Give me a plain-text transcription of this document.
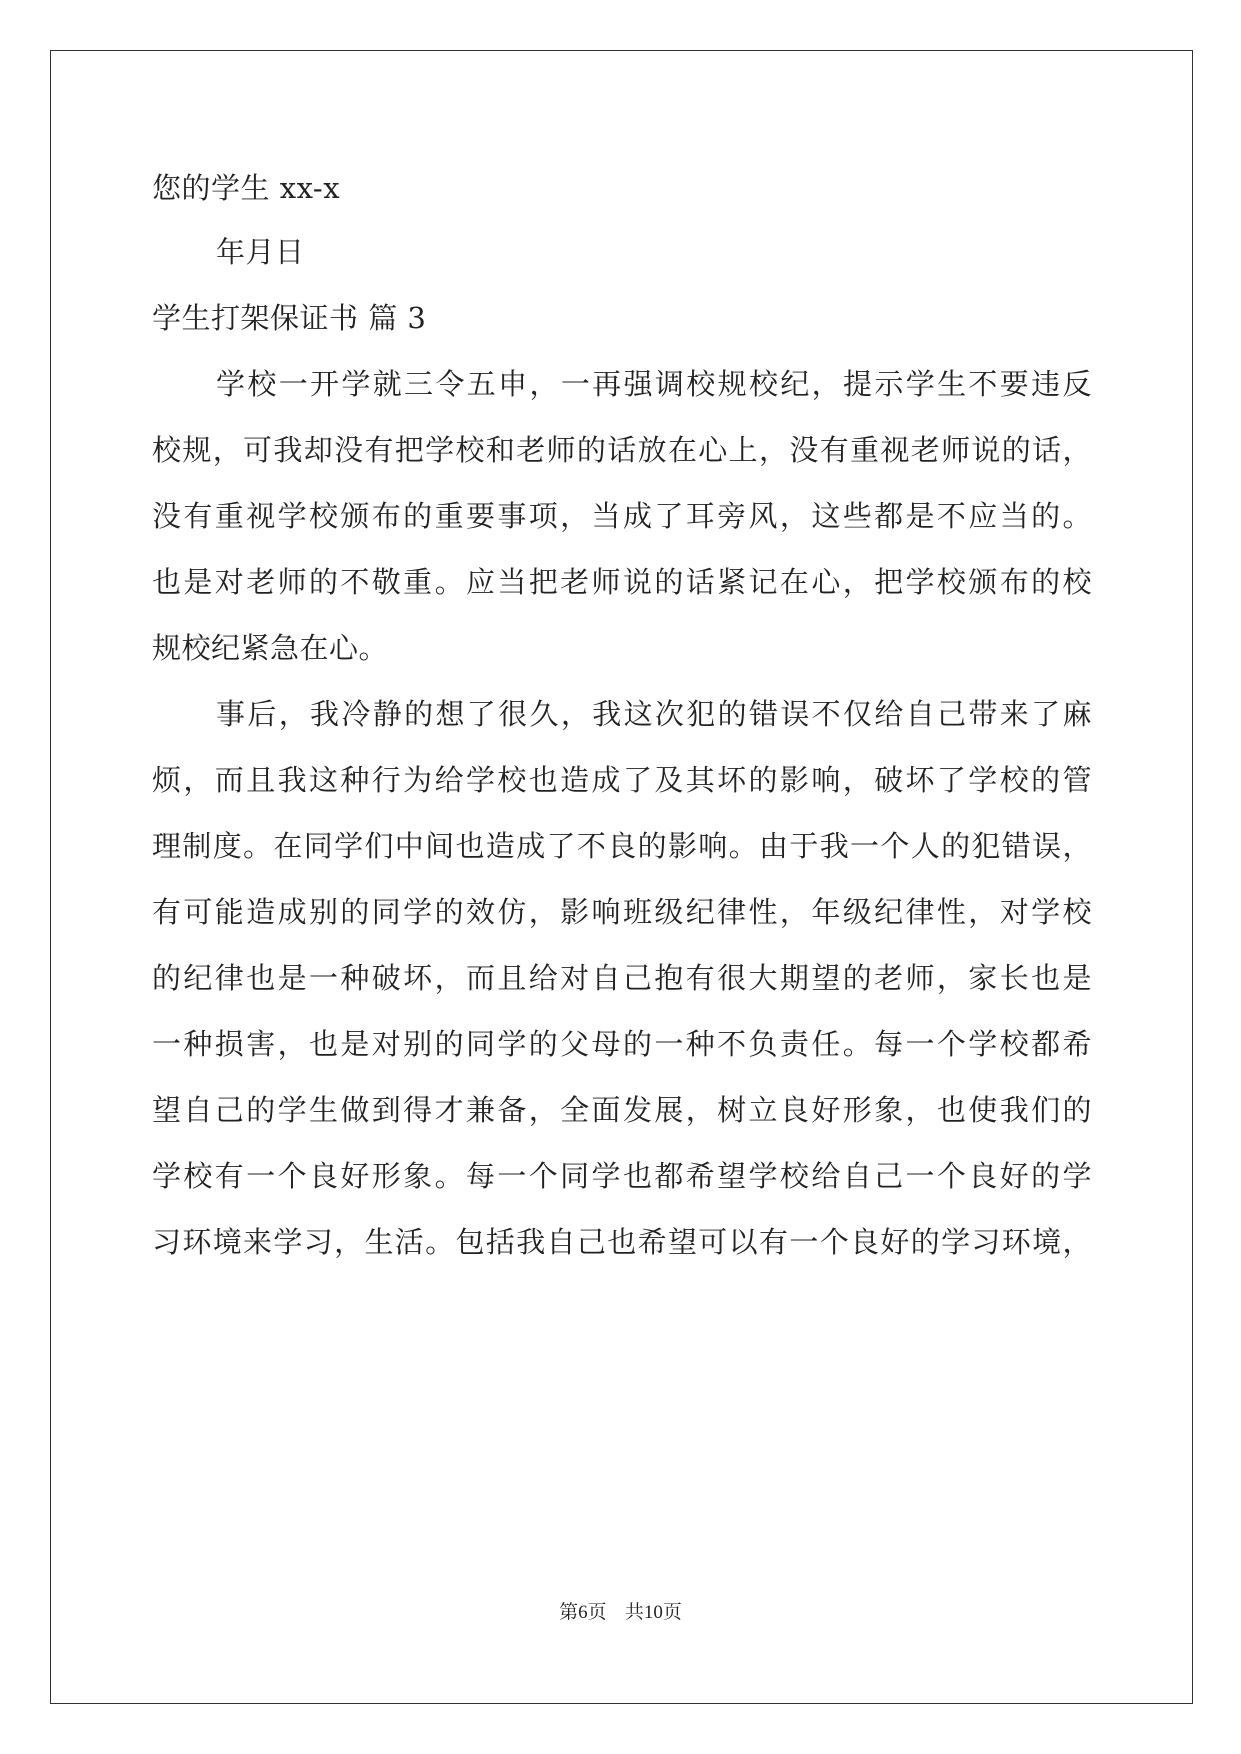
您的学生 xx-x
年月日
学生打架保证书 篇 3
学校一开学就三令五申，一再强调校规校纪，提示学生不要违反
校规，可我却没有把学校和老师的话放在心上，没有重视老师说的话，
没有重视学校颁布的重要事项，当成了耳旁风，这些都是不应当的。
也是对老师的不敬重。应当把老师说的话紧记在心，把学校颁布的校
规校纪紧急在心。
事后，我冷静的想了很久，我这次犯的错误不仅给自己带来了麻
烦，而且我这种行为给学校也造成了及其坏的影响，破坏了学校的管
理制度。在同学们中间也造成了不良的影响。由于我一个人的犯错误，
有可能造成别的同学的效仿，影响班级纪律性，年级纪律性，对学校
的纪律也是一种破坏，而且给对自己抱有很大期望的老师，家长也是
一种损害，也是对别的同学的父母的一种不负责任。每一个学校都希
望自己的学生做到得才兼备，全面发展，树立良好形象，也使我们的
学校有一个良好形象。每一个同学也都希望学校给自己一个良好的学
习环境来学习，生活。包括我自己也希望可以有一个良好的学习环境，
第6页 共10页
